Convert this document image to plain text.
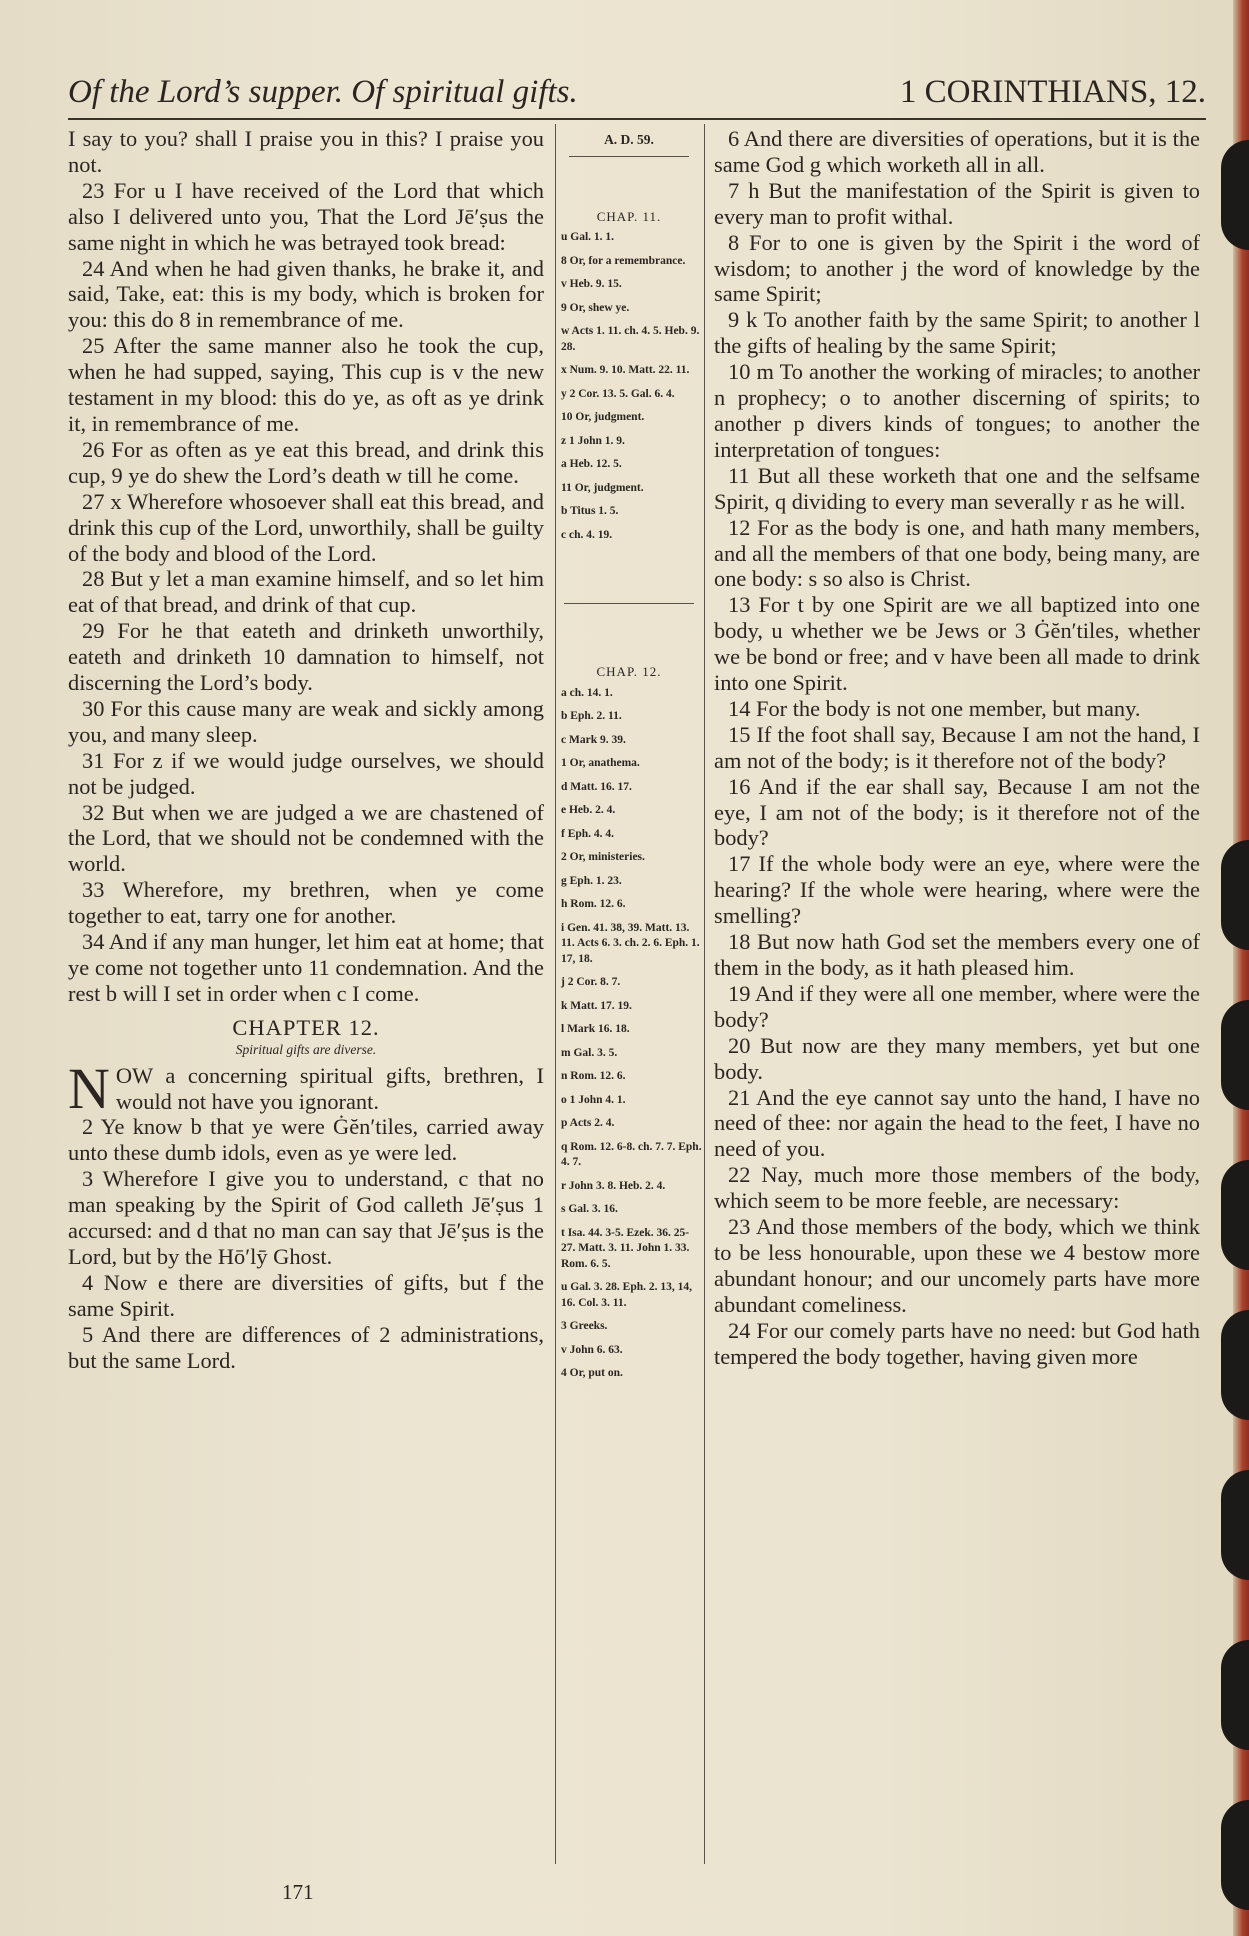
Of the Lord’s supper. Of spiritual gifts.	1 CORINTHIANS, 12.

I say to you? shall I praise you in this? I praise you not.

23 For u I have received of the Lord that which also I delivered unto you, That the Lord Jē′ṣus the same night in which he was betrayed took bread:

24 And when he had given thanks, he brake it, and said, Take, eat: this is my body, which is broken for you: this do 8 in remembrance of me.

25 After the same manner also he took the cup, when he had supped, saying, This cup is v the new testament in my blood: this do ye, as oft as ye drink it, in remembrance of me.

26 For as often as ye eat this bread, and drink this cup, 9 ye do shew the Lord’s death w till he come.

27 x Wherefore whosoever shall eat this bread, and drink this cup of the Lord, unworthily, shall be guilty of the body and blood of the Lord.

28 But y let a man examine himself, and so let him eat of that bread, and drink of that cup.

29 For he that eateth and drinketh unworthily, eateth and drinketh 10 damnation to himself, not discerning the Lord’s body.

30 For this cause many are weak and sickly among you, and many sleep.

31 For z if we would judge ourselves, we should not be judged.

32 But when we are judged a we are chastened of the Lord, that we should not be condemned with the world.

33 Wherefore, my brethren, when ye come together to eat, tarry one for another.

34 And if any man hunger, let him eat at home; that ye come not together unto 11 condemnation. And the rest b will I set in order when c I come.

CHAPTER 12.
Spiritual gifts are diverse.

NOW a concerning spiritual gifts, brethren, I would not have you ignorant.

2 Ye know b that ye were Ġĕn′tiles, carried away unto these dumb idols, even as ye were led.

3 Wherefore I give you to understand, c that no man speaking by the Spirit of God calleth Jē′ṣus 1 accursed: and d that no man can say that Jē′ṣus is the Lord, but by the Hō′lȳ Ghost.

4 Now e there are diversities of gifts, but f the same Spirit.

5 And there are differences of 2 administrations, but the same Lord.

A. D. 59.
CHAP. 11.
u Gal. 1. 1.
8 Or, for a remembrance.
v Heb. 9. 15.
9 Or, shew ye.
w Acts 1. 11. ch. 4. 5. Heb. 9. 28.
x Num. 9. 10. Matt. 22. 11.
y 2 Cor. 13. 5. Gal. 6. 4.
10 Or, judgment.
z 1 John 1. 9.
a Heb. 12. 5.
11 Or, judgment.
b Titus 1. 5.
c ch. 4. 19.
CHAP. 12.
a ch. 14. 1.
b Eph. 2. 11.
c Mark 9. 39.
1 Or, anathema.
d Matt. 16. 17.
e Heb. 2. 4.
f Eph. 4. 4.
2 Or, ministeries.
g Eph. 1. 23.
h Rom. 12. 6.
i Gen. 41. 38, 39. Matt. 13. 11. Acts 6. 3. ch. 2. 6. Eph. 1. 17, 18.
j 2 Cor. 8. 7.
k Matt. 17. 19.
l Mark 16. 18.
m Gal. 3. 5.
n Rom. 12. 6.
o 1 John 4. 1.
p Acts 2. 4.
q Rom. 12. 6-8. ch. 7. 7. Eph. 4. 7.
r John 3. 8. Heb. 2. 4.
s Gal. 3. 16.
t Isa. 44. 3-5. Ezek. 36. 25-27. Matt. 3. 11. John 1. 33. Rom. 6. 5.
u Gal. 3. 28. Eph. 2. 13, 14, 16. Col. 3. 11.
3 Greeks.
v John 6. 63.
4 Or, put on.

6 And there are diversities of operations, but it is the same God g which worketh all in all.

7 h But the manifestation of the Spirit is given to every man to profit withal.

8 For to one is given by the Spirit i the word of wisdom; to another j the word of knowledge by the same Spirit;

9 k To another faith by the same Spirit; to another l the gifts of healing by the same Spirit;

10 m To another the working of miracles; to another n prophecy; o to another discerning of spirits; to another p divers kinds of tongues; to another the interpretation of tongues:

11 But all these worketh that one and the selfsame Spirit, q dividing to every man severally r as he will.

12 For as the body is one, and hath many members, and all the members of that one body, being many, are one body: s so also is Christ.

13 For t by one Spirit are we all baptized into one body, u whether we be Jews or 3 Ġĕn′tiles, whether we be bond or free; and v have been all made to drink into one Spirit.

14 For the body is not one member, but many.

15 If the foot shall say, Because I am not the hand, I am not of the body; is it therefore not of the body?

16 And if the ear shall say, Because I am not the eye, I am not of the body; is it therefore not of the body?

17 If the whole body were an eye, where were the hearing? If the whole were hearing, where were the smelling?

18 But now hath God set the members every one of them in the body, as it hath pleased him.

19 And if they were all one member, where were the body?

20 But now are they many members, yet but one body.

21 And the eye cannot say unto the hand, I have no need of thee: nor again the head to the feet, I have no need of you.

22 Nay, much more those members of the body, which seem to be more feeble, are necessary:

23 And those members of the body, which we think to be less honourable, upon these we 4 bestow more abundant honour; and our uncomely parts have more abundant comeliness.

24 For our comely parts have no need: but God hath tempered the body together, having given more

171
